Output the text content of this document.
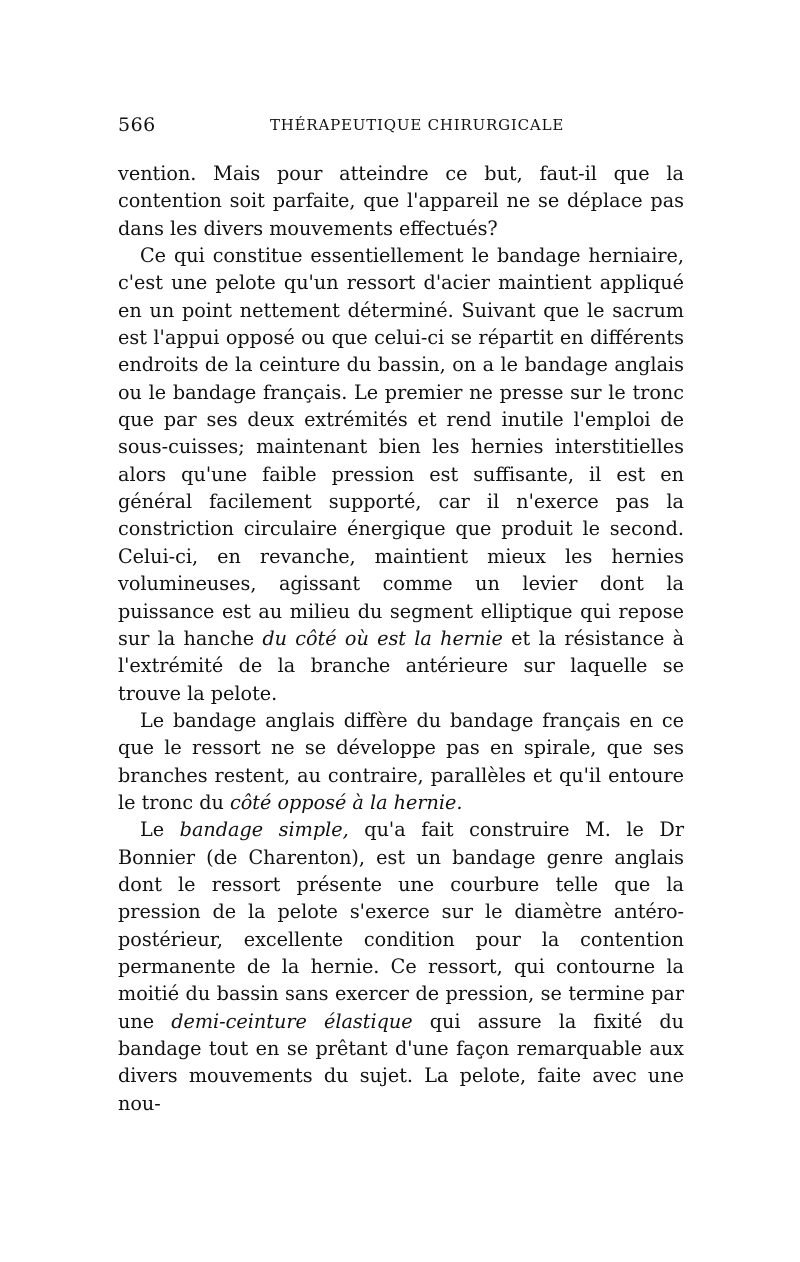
566	THÉRAPEUTIQUE CHIRURGICALE

vention. Mais pour atteindre ce but, faut-il que la contention soit parfaite, que l'appareil ne se déplace pas dans les divers mouvements effectués?

Ce qui constitue essentiellement le bandage herniaire, c'est une pelote qu'un ressort d'acier maintient appliqué en un point nettement déterminé. Suivant que le sacrum est l'appui opposé ou que celui-ci se répartit en différents endroits de la ceinture du bassin, on a le bandage anglais ou le bandage français. Le premier ne presse sur le tronc que par ses deux extrémités et rend inutile l'emploi de sous-cuisses; maintenant bien les hernies interstitielles alors qu'une faible pression est suffisante, il est en général facilement supporté, car il n'exerce pas la constriction circulaire énergique que produit le second. Celui-ci, en revanche, maintient mieux les hernies volumineuses, agissant comme un levier dont la puissance est au milieu du segment elliptique qui repose sur la hanche du côté où est la hernie et la résistance à l'extrémité de la branche antérieure sur laquelle se trouve la pelote.

Le bandage anglais diffère du bandage français en ce que le ressort ne se développe pas en spirale, que ses branches restent, au contraire, parallèles et qu'il entoure le tronc du côté opposé à la hernie.

Le bandage simple, qu'a fait construire M. le Dr Bonnier (de Charenton), est un bandage genre anglais dont le ressort présente une courbure telle que la pression de la pelote s'exerce sur le diamètre antéro-postérieur, excellente condition pour la contention permanente de la hernie. Ce ressort, qui contourne la moitié du bassin sans exercer de pression, se termine par une demi-ceinture élastique qui assure la fixité du bandage tout en se prêtant d'une façon remarquable aux divers mouvements du sujet. La pelote, faite avec une nou-
